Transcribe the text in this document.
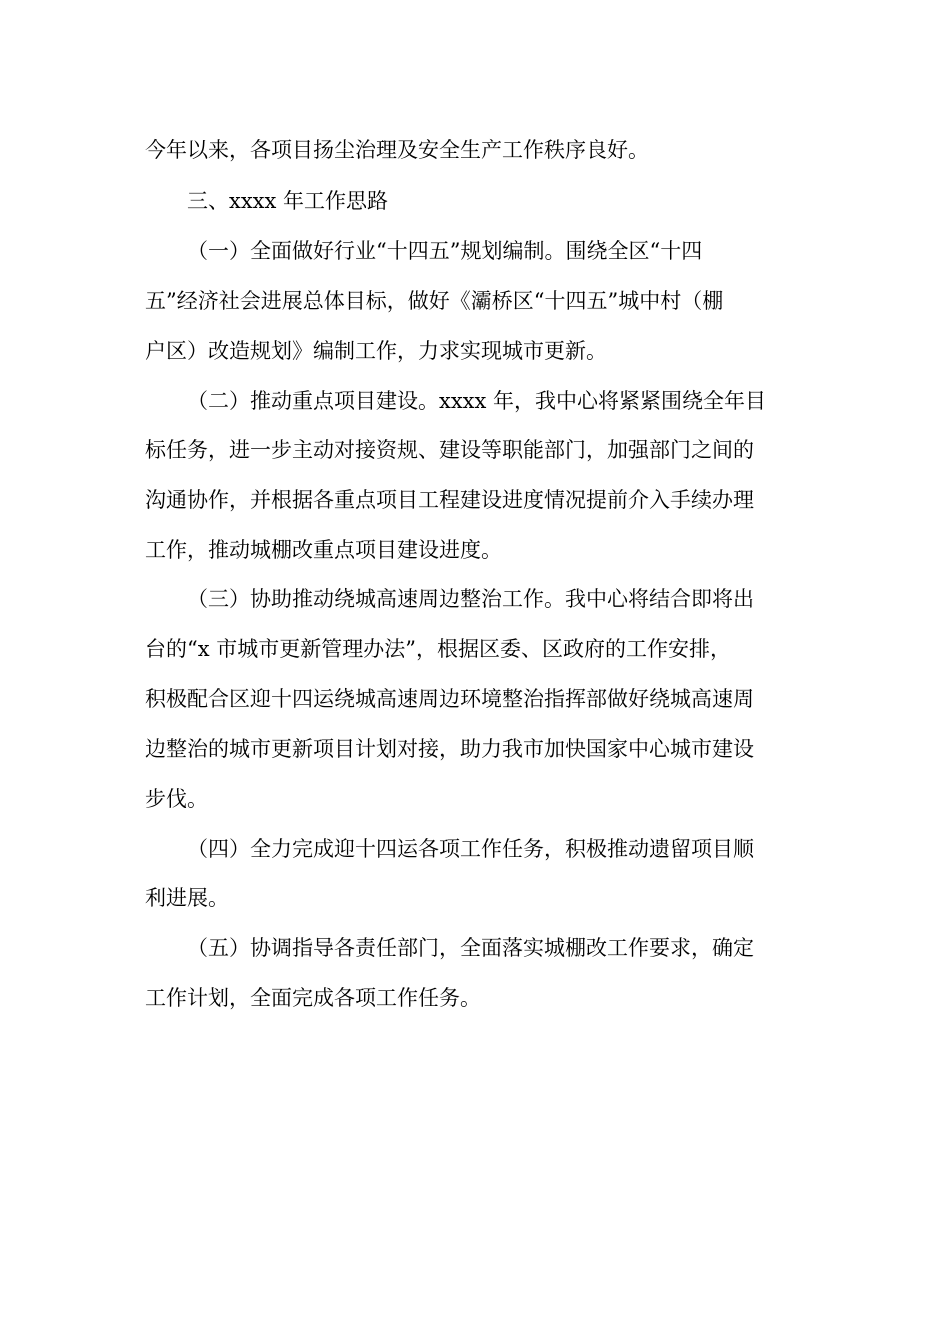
今年以来，各项目扬尘治理及安全生产工作秩序良好。

三、xxxx 年工作思路

（一）全面做好行业“十四五”规划编制。围绕全区“十四

五”经济社会进展总体目标，做好《灞桥区“十四五”城中村（棚

户区）改造规划》编制工作，力求实现城市更新。

（二）推动重点项目建设。xxxx 年，我中心将紧紧围绕全年目

标任务，进一步主动对接资规、建设等职能部门，加强部门之间的

沟通协作，并根据各重点项目工程建设进度情况提前介入手续办理

工作，推动城棚改重点项目建设进度。

（三）协助推动绕城高速周边整治工作。我中心将结合即将出

台的“x 市城市更新管理办法”，根据区委、区政府的工作安排，

积极配合区迎十四运绕城高速周边环境整治指挥部做好绕城高速周

边整治的城市更新项目计划对接，助力我市加快国家中心城市建设

步伐。

（四）全力完成迎十四运各项工作任务，积极推动遗留项目顺

利进展。

（五）协调指导各责任部门，全面落实城棚改工作要求，确定

工作计划，全面完成各项工作任务。
